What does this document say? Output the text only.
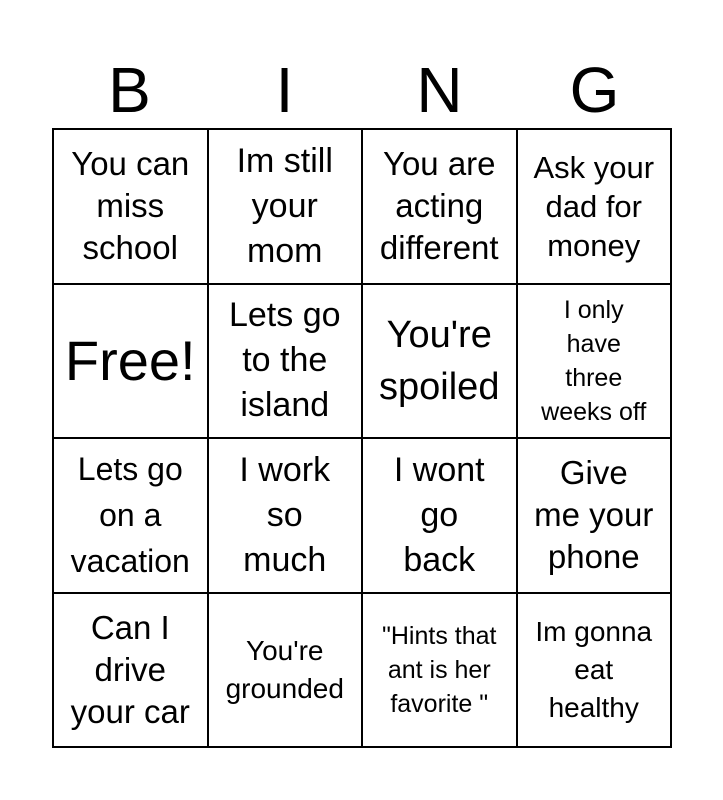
B	I	N	G
You can
miss
school
Im still
your
mom
You are
acting
different
Ask your
dad for
money
Free!
Lets go
to the
island
You're
spoiled
I only
have
three
weeks off
Lets go
on a
vacation
I work
so
much
I wont
go
back
Give
me your
phone
Can I
drive
your car
You're
grounded
"Hints that
ant is her
favorite "
Im gonna
eat
healthy
